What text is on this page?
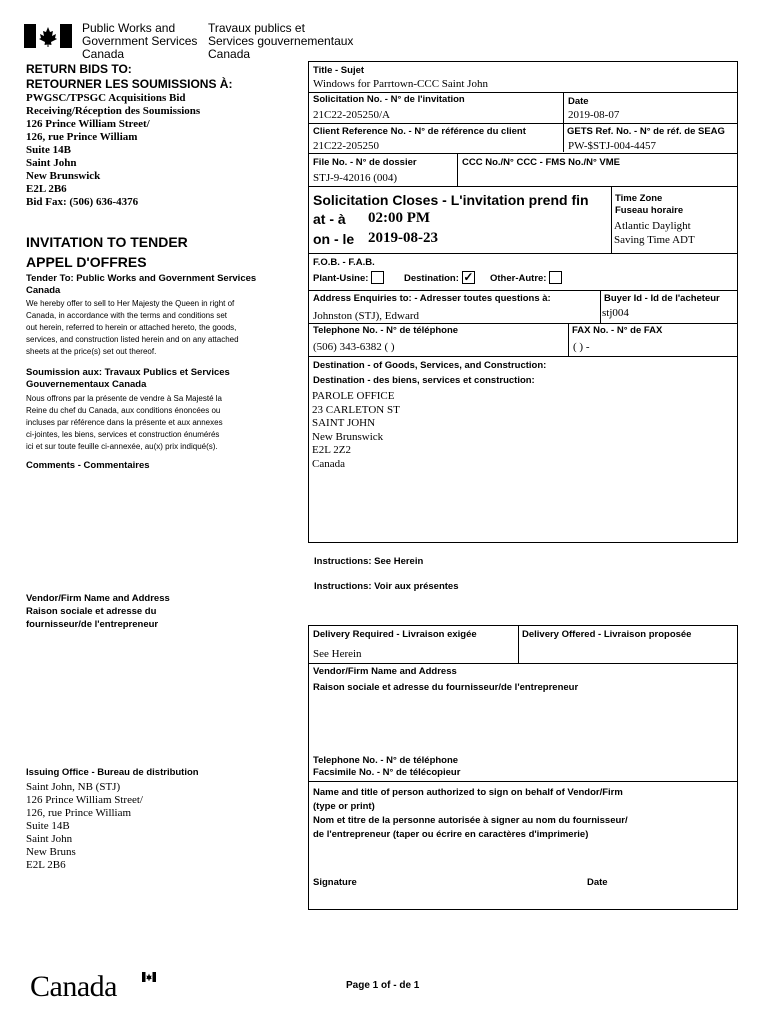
Public Works and
Government Services
Canada
Travaux publics et
Services gouvernementaux
Canada
RETURN BIDS TO:
RETOURNER LES SOUMISSIONS À:
PWGSC/TPSGC Acquisitions Bid
Receiving/Réception des Soumissions
126 Prince William Street/
126, rue Prince William
Suite 14B
Saint John
New Brunswick
E2L 2B6
Bid Fax: (506) 636-4376
INVITATION TO TENDER
APPEL D'OFFRES
Tender To: Public Works and Government Services Canada
We hereby offer to sell to Her Majesty the Queen in right of
Canada, in accordance with the terms and conditions set
out herein, referred to herein or attached hereto, the goods,
services, and construction listed herein and on any attached
sheets at the price(s) set out thereof.
Soumission aux: Travaux Publics et Services Gouvernementaux Canada
Nous offrons par la présente de vendre à Sa Majesté la
Reine du chef du Canada, aux conditions énoncées ou
incluses par référence dans la présente et aux annexes
ci-jointes, les biens, services et construction énumérés
ici et sur toute feuille ci-annexée, au(x) prix indiqué(s).
Comments - Commentaires
Vendor/Firm Name and Address
Raison sociale et adresse du
fournisseur/de l'entrepreneur
Issuing Office - Bureau de distribution
Saint John, NB (STJ)
126 Prince William Street/
126, rue Prince William
Suite 14B
Saint John
New Bruns
E2L 2B6
Title - Sujet
Windows for Parrtown-CCC Saint John
Solicitation No. - N° de l'invitation
21C22-205250/A
Date
2019-08-07
Client Reference No. - N° de référence du client
21C22-205250
GETS Ref. No. - N° de réf. de SEAG
PW-$STJ-004-4457
File No. - N° de dossier
STJ-9-42016 (004)
CCC No./N° CCC - FMS No./N° VME
Solicitation Closes - L'invitation prend fin
at - à 02:00 PM
on - le 2019-08-23
Time Zone
Fuseau horaire
Atlantic Daylight
Saving Time ADT
F.O.B. - F.A.B.
Plant-Usine:	Destination: ✓ Other-Autre:
Address Enquiries to: - Adresser toutes questions à:
Johnston (STJ), Edward
Buyer Id - Id de l'acheteur
stj004
Telephone No. - N° de téléphone
(506) 343-6382 ( )
FAX No. - N° de FAX
( ) -
Destination - of Goods, Services, and Construction:
Destination - des biens, services et construction:
PAROLE OFFICE
23 CARLETON ST
SAINT JOHN
New Brunswick
E2L 2Z2
Canada
Instructions: See Herein
Instructions: Voir aux présentes
Delivery Required - Livraison exigée
See Herein
Delivery Offered - Livraison proposée
Vendor/Firm Name and Address
Raison sociale et adresse du fournisseur/de l'entrepreneur
Telephone No. - N° de téléphone
Facsimile No. - N° de télécopieur
Name and title of person authorized to sign on behalf of Vendor/Firm
(type or print)
Nom et titre de la personne autorisée à signer au nom du fournisseur/
de l'entrepreneur (taper ou écrire en caractères d'imprimerie)
Signature	Date
Canada	Page 1 of - de 1
